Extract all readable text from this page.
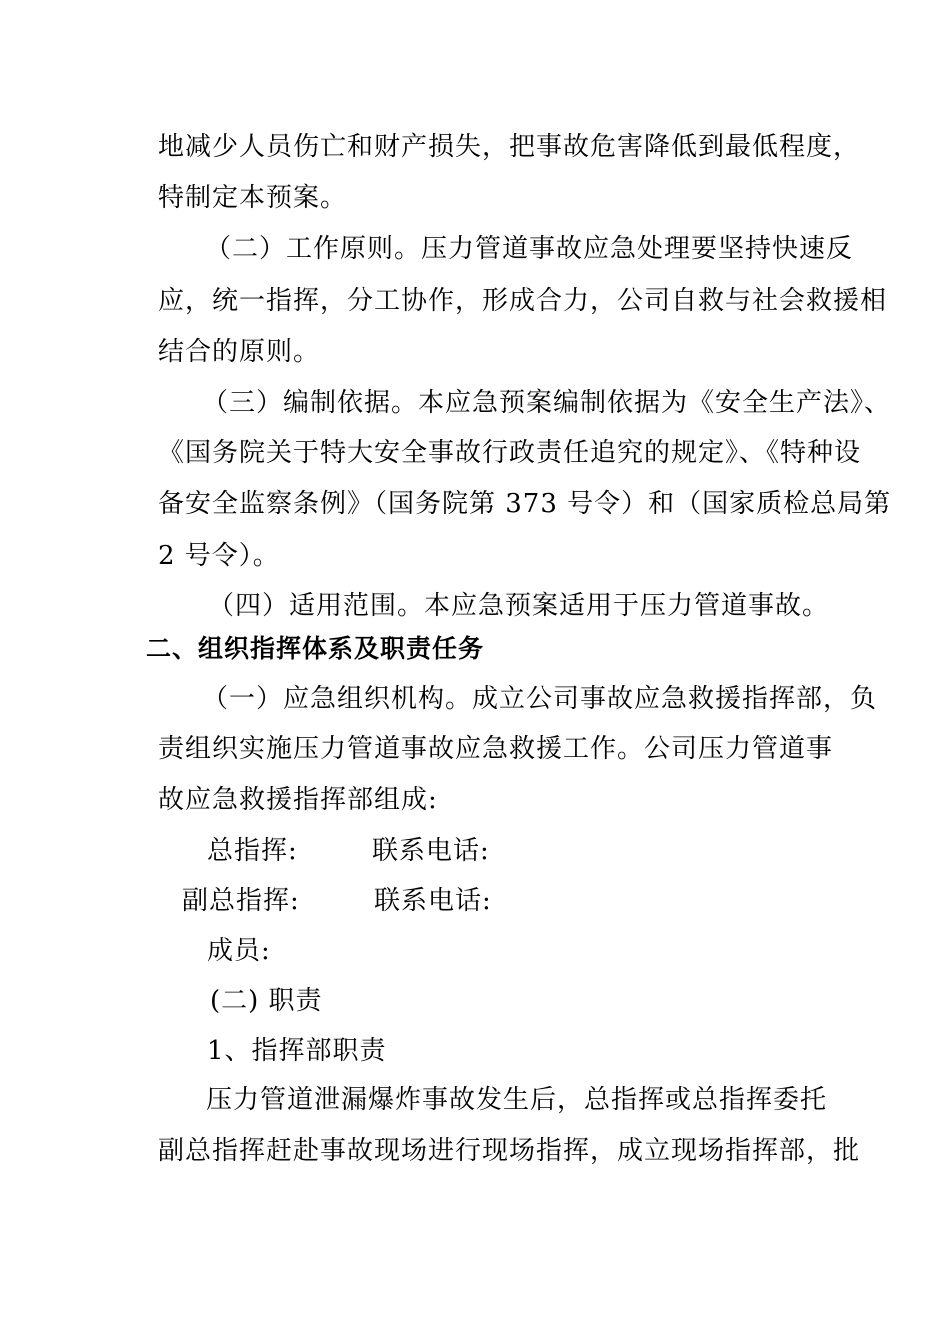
地减少人员伤亡和财产损失，把事故危害降低到最低程度，
特制定本预案。
（二）工作原则。压力管道事故应急处理要坚持快速反
应，统一指挥，分工协作，形成合力，公司自救与社会救援相
结合的原则。
（三）编制依据。本应急预案编制依据为《安全生产法》、
《国务院关于特大安全事故行政责任追究的规定》、《特种设
备安全监察条例》（国务院第 373 号令）和（国家质检总局第
2 号令）。
（四）适用范围。本应急预案适用于压力管道事故。
二、组织指挥体系及职责任务
（一）应急组织机构。成立公司事故应急救援指挥部，负
责组织实施压力管道事故应急救援工作。公司压力管道事
故应急救援指挥部组成:
总指挥:	联系电话:
副总指挥:	联系电话:
成员:
(二) 职责
1、指挥部职责
压力管道泄漏爆炸事故发生后，总指挥或总指挥委托
副总指挥赶赴事故现场进行现场指挥，成立现场指挥部，批
